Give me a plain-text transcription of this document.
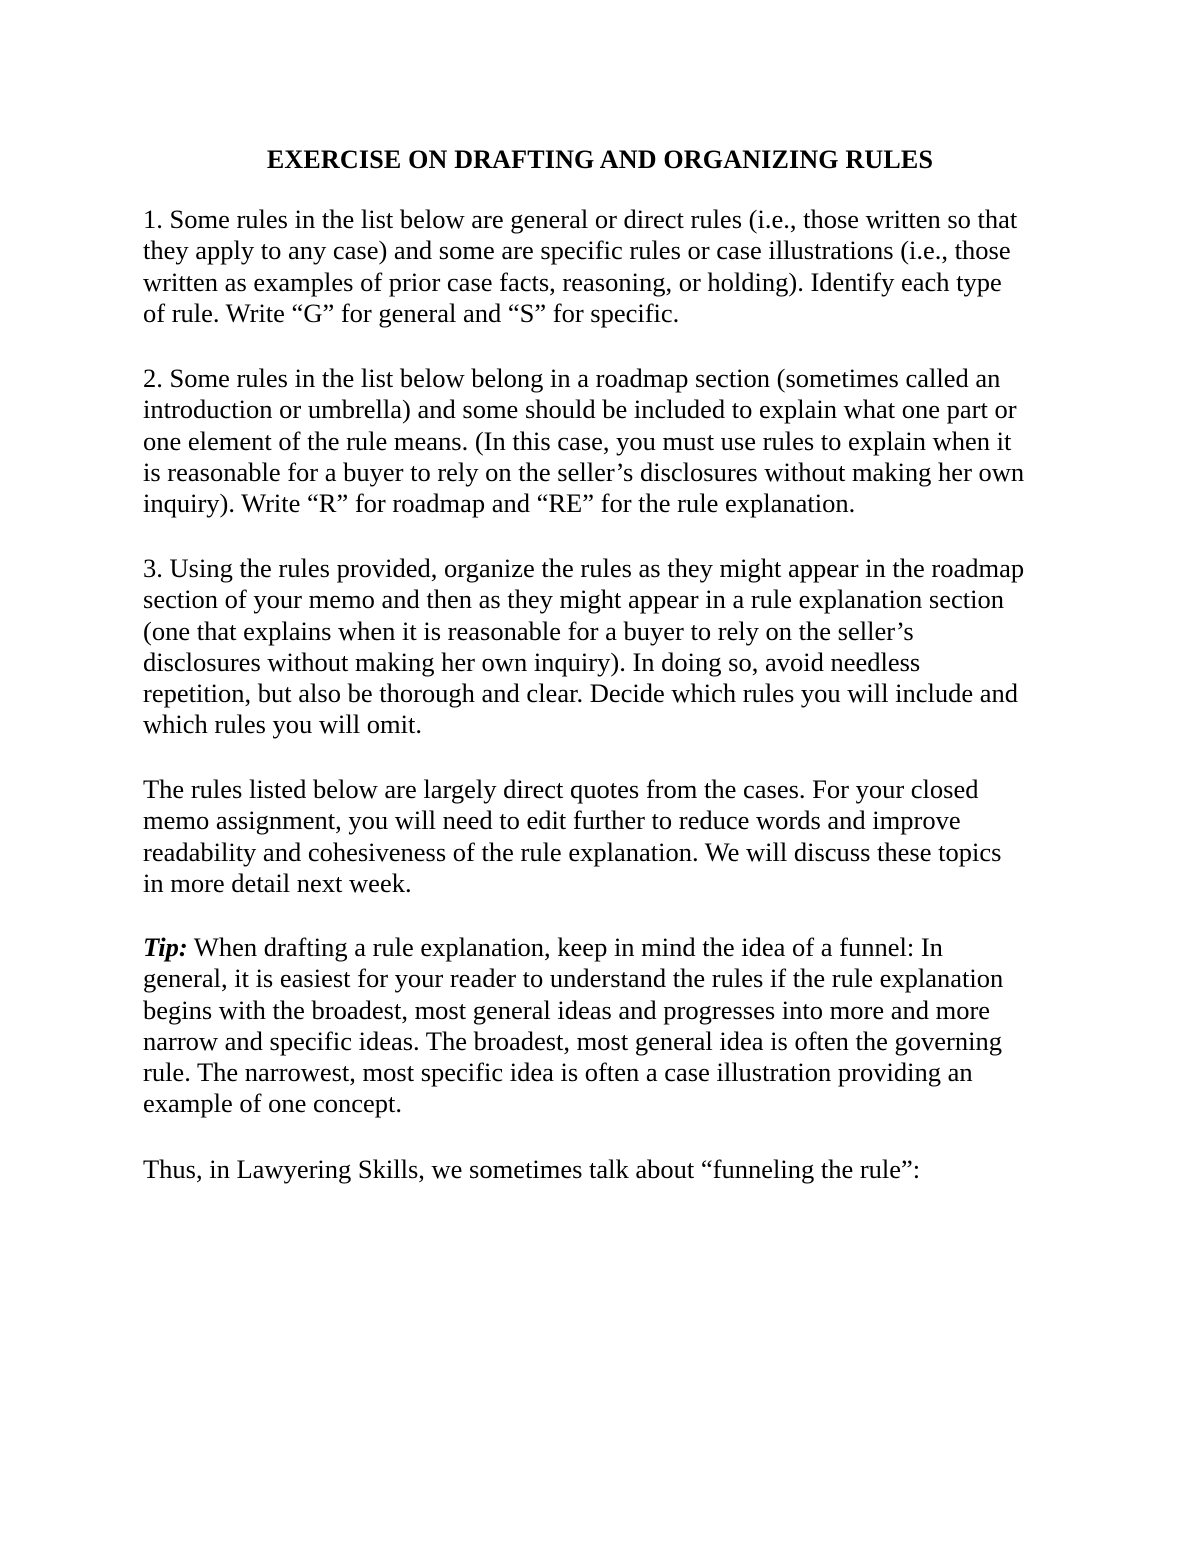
EXERCISE ON DRAFTING AND ORGANIZING RULES

1. Some rules in the list below are general or direct rules (i.e., those written so that
they apply to any case) and some are specific rules or case illustrations (i.e., those
written as examples of prior case facts, reasoning, or holding). Identify each type
of rule. Write “G” for general and “S” for specific.

2. Some rules in the list below belong in a roadmap section (sometimes called an
introduction or umbrella) and some should be included to explain what one part or
one element of the rule means. (In this case, you must use rules to explain when it
is reasonable for a buyer to rely on the seller’s disclosures without making her own
inquiry). Write “R” for roadmap and “RE” for the rule explanation.

3. Using the rules provided, organize the rules as they might appear in the roadmap
section of your memo and then as they might appear in a rule explanation section
(one that explains when it is reasonable for a buyer to rely on the seller’s
disclosures without making her own inquiry). In doing so, avoid needless
repetition, but also be thorough and clear. Decide which rules you will include and
which rules you will omit.

The rules listed below are largely direct quotes from the cases. For your closed
memo assignment, you will need to edit further to reduce words and improve
readability and cohesiveness of the rule explanation. We will discuss these topics
in more detail next week.

Tip: When drafting a rule explanation, keep in mind the idea of a funnel: In
general, it is easiest for your reader to understand the rules if the rule explanation
begins with the broadest, most general ideas and progresses into more and more
narrow and specific ideas. The broadest, most general idea is often the governing
rule. The narrowest, most specific idea is often a case illustration providing an
example of one concept.

Thus, in Lawyering Skills, we sometimes talk about “funneling the rule”:
